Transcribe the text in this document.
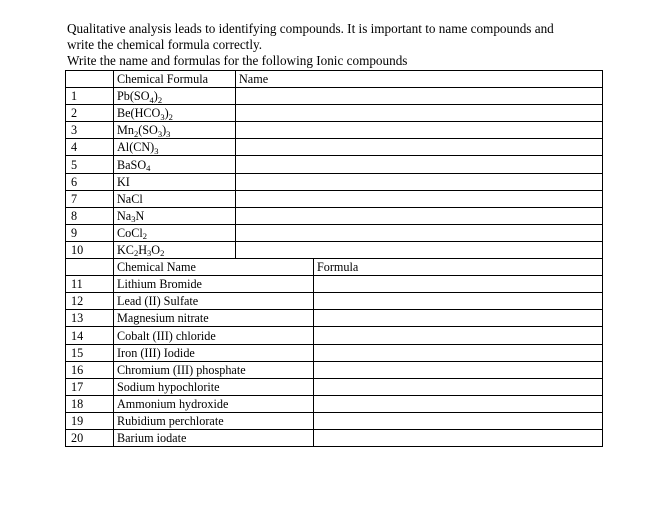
Qualitative analysis leads to identifying compounds. It is important to name compounds and

write the chemical formula correctly.

Write the name and formulas for the following Ionic compounds

	Chemical Formula	Name	
1	$Pb(SO_4)_2$	
2	$Be(HCO_3)_2$	
3	$Mn_2(SO_3)_3$	
4	$Al(CN)_3$	
5	BaSO$_4$	
6	KI		
7	NaCl		
8	$Na_3N$		
9	CoCl$_2$	
10	$KC_2H_3O_2$	
	Chemical Name		Formula
11	Lithium Bromide		
12	Lead (II) Sulfate		
13	Magnesium nitrate		
14	Cobalt (III) chloride		
15	Iron (III) Iodide		
16	Chromium (III) phosphate		
17	Sodium hypochlorite		
18	Ammonium hydroxide		
19	Rubidium perchlorate		
20	Barium iodate		
